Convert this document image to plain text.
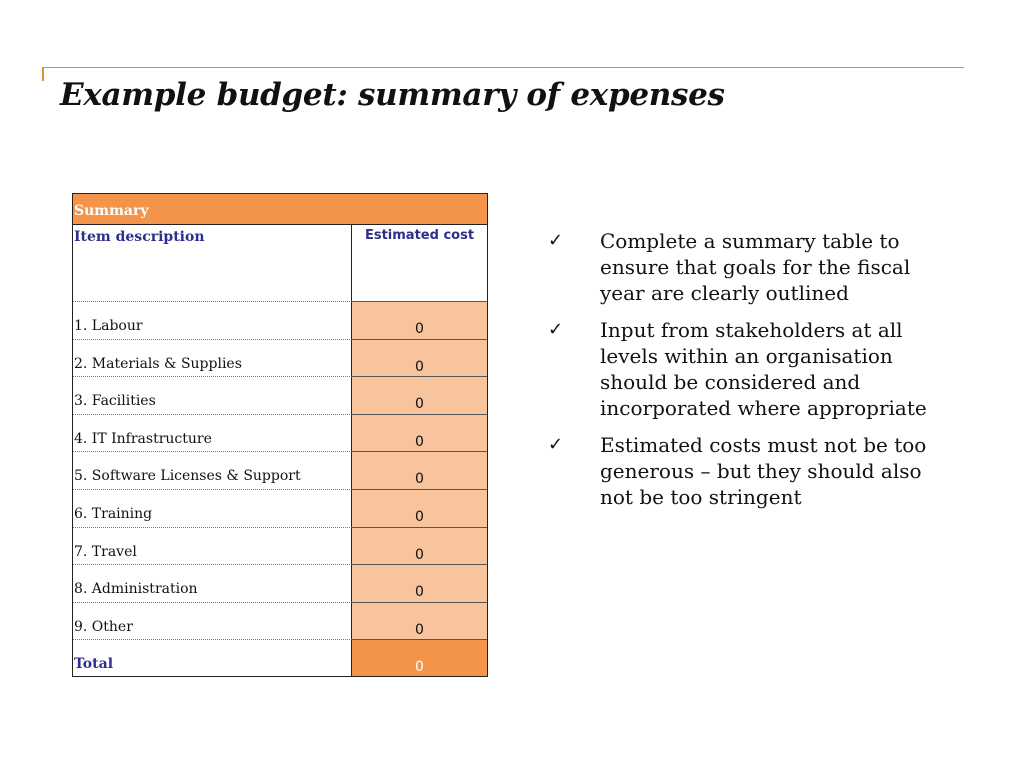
Example budget: summary of expenses
Summary
Item description	Estimated cost
1. Labour	0
2. Materials & Supplies	0
3. Facilities	0
4. IT Infrastructure	0
5. Software Licenses & Support	0
6. Training	0
7. Travel	0
8. Administration	0
9. Other	0
Total	0
✓	Complete a summary table to ensure that goals for the fiscal year are clearly outlined
✓	Input from stakeholders at all levels within an organisation should be considered and incorporated where appropriate
✓	Estimated costs must not be too generous – but they should also not be too stringent
